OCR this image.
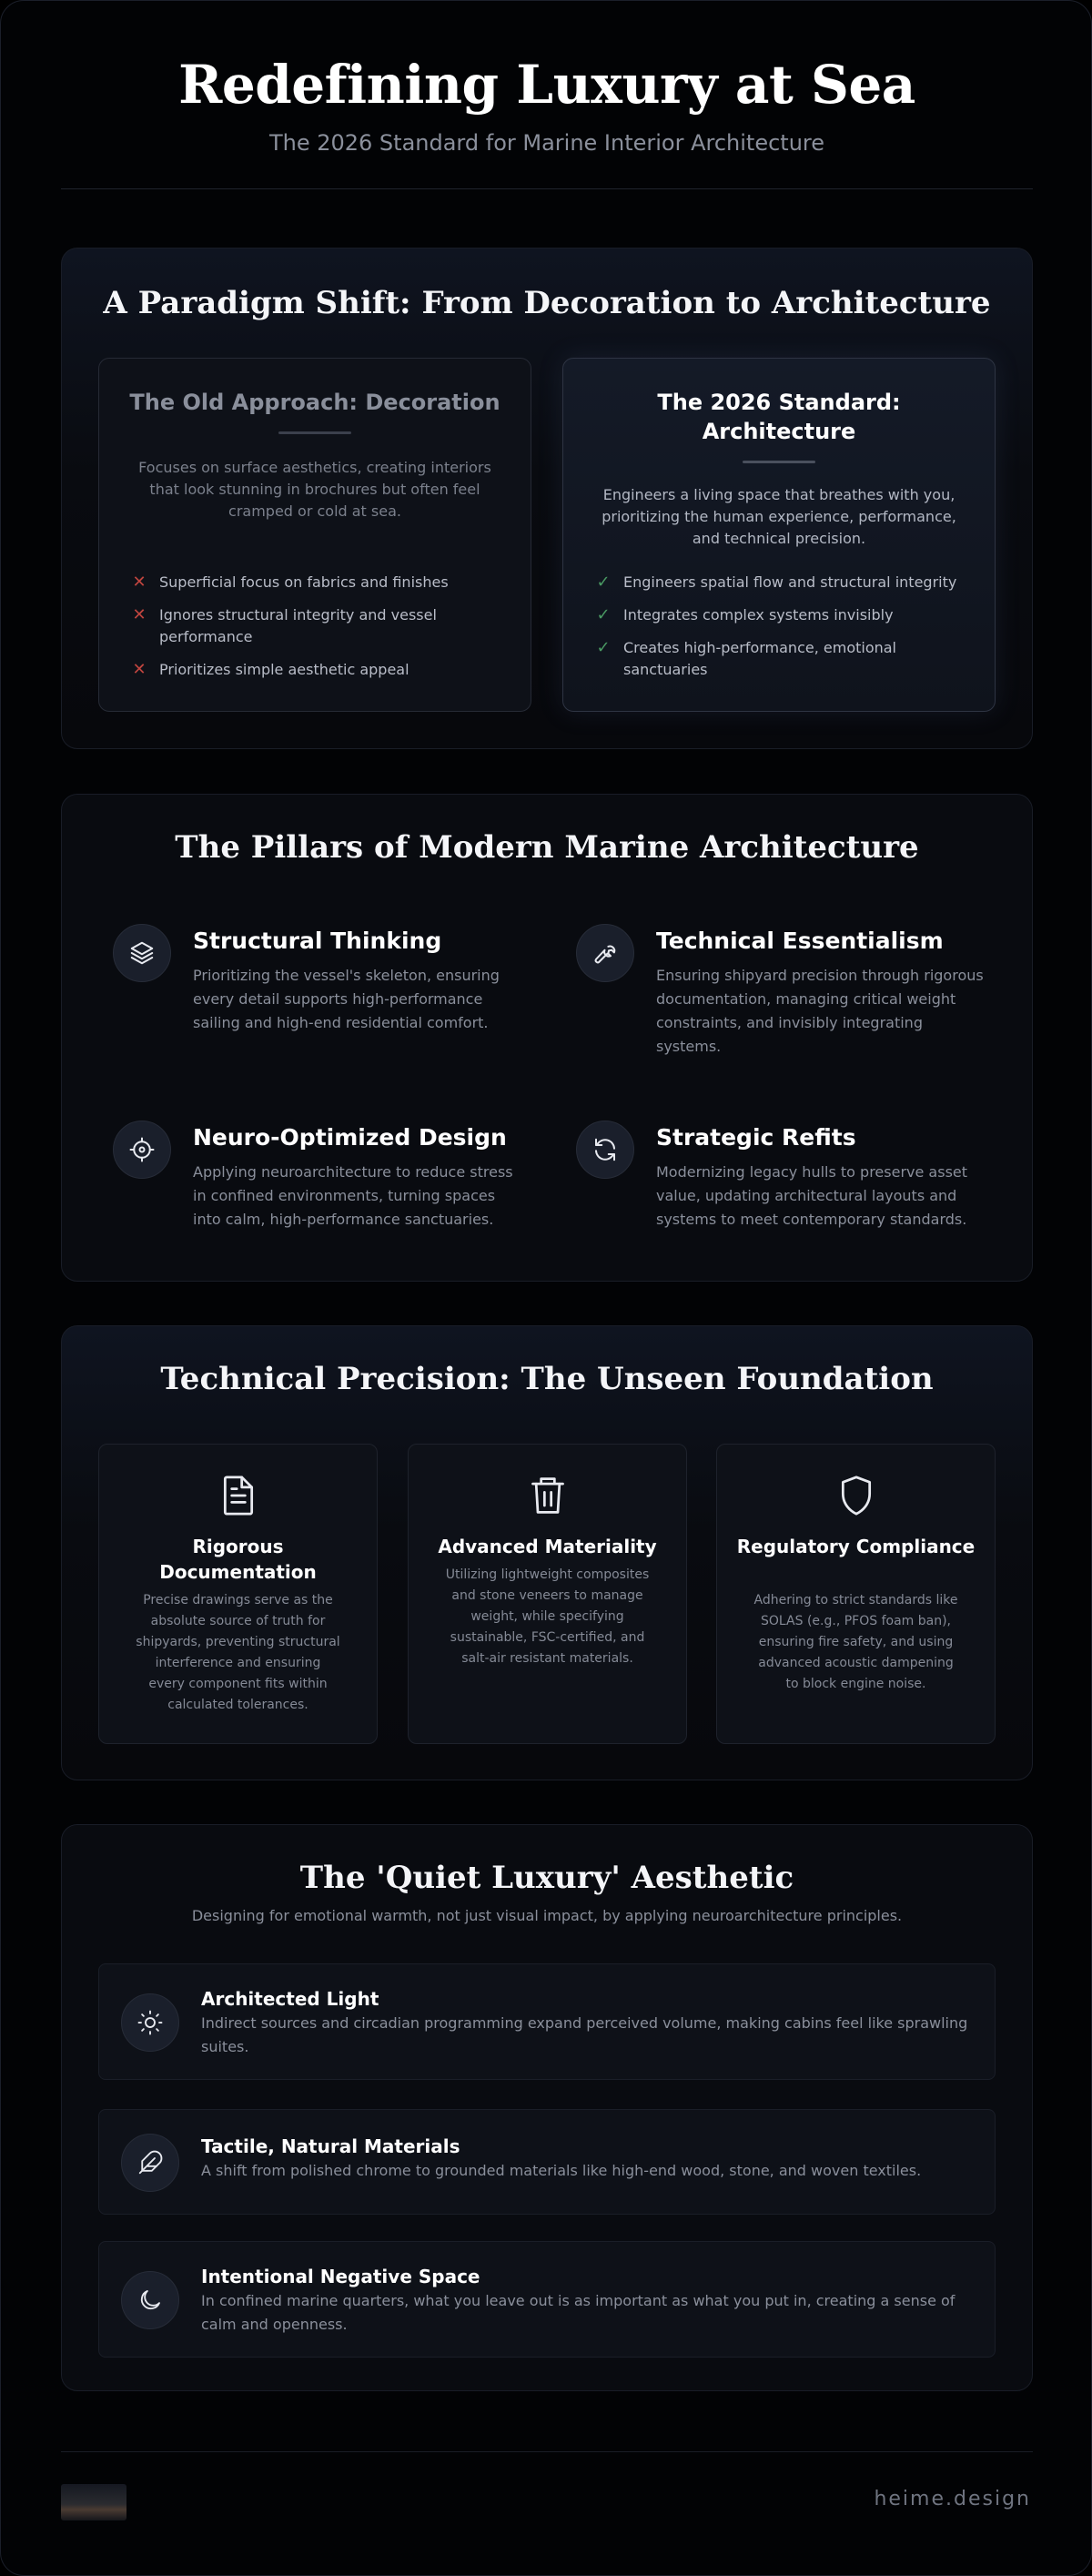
Redefining Luxury at Sea
The 2026 Standard for Marine Interior Architecture
A Paradigm Shift: From Decoration to Architecture
The Old Approach: Decoration
Focuses on surface aesthetics, creating interiors that look stunning in brochures but often feel cramped or cold at sea.
✕ Superficial focus on fabrics and finishes
✕ Ignores structural integrity and vessel performance
✕ Prioritizes simple aesthetic appeal
The 2026 Standard: Architecture
Engineers a living space that breathes with you, prioritizing the human experience, performance, and technical precision.
✓ Engineers spatial flow and structural integrity
✓ Integrates complex systems invisibly
✓ Creates high-performance, emotional sanctuaries
The Pillars of Modern Marine Architecture
Structural Thinking
Prioritizing the vessel's skeleton, ensuring every detail supports high-performance sailing and high-end residential comfort.
Technical Essentialism
Ensuring shipyard precision through rigorous documentation, managing critical weight constraints, and invisibly integrating systems.
Neuro-Optimized Design
Applying neuroarchitecture to reduce stress in confined environments, turning spaces into calm, high-performance sanctuaries.
Strategic Refits
Modernizing legacy hulls to preserve asset value, updating architectural layouts and systems to meet contemporary standards.
Technical Precision: The Unseen Foundation
Rigorous Documentation
Precise drawings serve as the absolute source of truth for shipyards, preventing structural interference and ensuring every component fits within calculated tolerances.
Advanced Materiality
Utilizing lightweight composites and stone veneers to manage weight, while specifying sustainable, FSC-certified, and salt-air resistant materials.
Regulatory Compliance
Adhering to strict standards like SOLAS (e.g., PFOS foam ban), ensuring fire safety, and using advanced acoustic dampening to block engine noise.
The 'Quiet Luxury' Aesthetic
Designing for emotional warmth, not just visual impact, by applying neuroarchitecture principles.
Architected Light
Indirect sources and circadian programming expand perceived volume, making cabins feel like sprawling suites.
Tactile, Natural Materials
A shift from polished chrome to grounded materials like high-end wood, stone, and woven textiles.
Intentional Negative Space
In confined marine quarters, what you leave out is as important as what you put in, creating a sense of calm and openness.
heime.design
